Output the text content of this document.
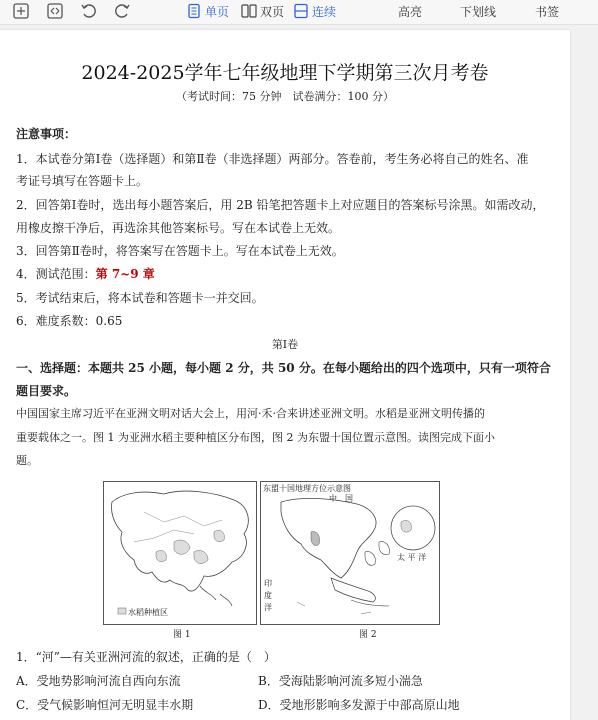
单页	双页 连续	高亮	下划线	书签
2024-2025学年七年级地理下学期第三次月考卷
（考试时间：75 分钟　试卷满分：100 分）
注意事项：
1．本试卷分第Ⅰ卷（选择题）和第Ⅱ卷（非选择题）两部分。答卷前，考生务必将自己的姓名、准
考证号填写在答题卡上。
2．回答第Ⅰ卷时，选出每小题答案后，用 2B 铅笔把答题卡上对应题目的答案标号涂黑。如需改动，
用橡皮擦干净后，再选涂其他答案标号。写在本试卷上无效。
3．回答第Ⅱ卷时，将答案写在答题卡上。写在本试卷上无效。
4．测试范围：第 7~9 章
5．考试结束后，将本试卷和答题卡一并交回。
6．难度系数：0.65
第Ⅰ卷
一、选择题：本题共 25 小题，每小题 2 分，共 50 分。在每小题给出的四个选项中，只有一项符合
题目要求。
中国国家主席习近平在亚洲文明对话大会上，用河·禾·合来讲述亚洲文明。水稻是亚洲文明传播的
重要载体之一。图 1 为亚洲水稻主要种植区分布图，图 2 为东盟十国位置示意图。读图完成下面小
题。
水稻种植区
图 1
东盟十国地理方位示意图
中　国
太 平 洋
印度洋
图 2
1．“河”—有关亚洲河流的叙述，正确的是（　）
A．受地势影响河流自西向东流	B．受海陆影响河流多短小湍急
C．受气候影响恒河无明显丰水期	D．受地形影响多发源于中部高原山地
